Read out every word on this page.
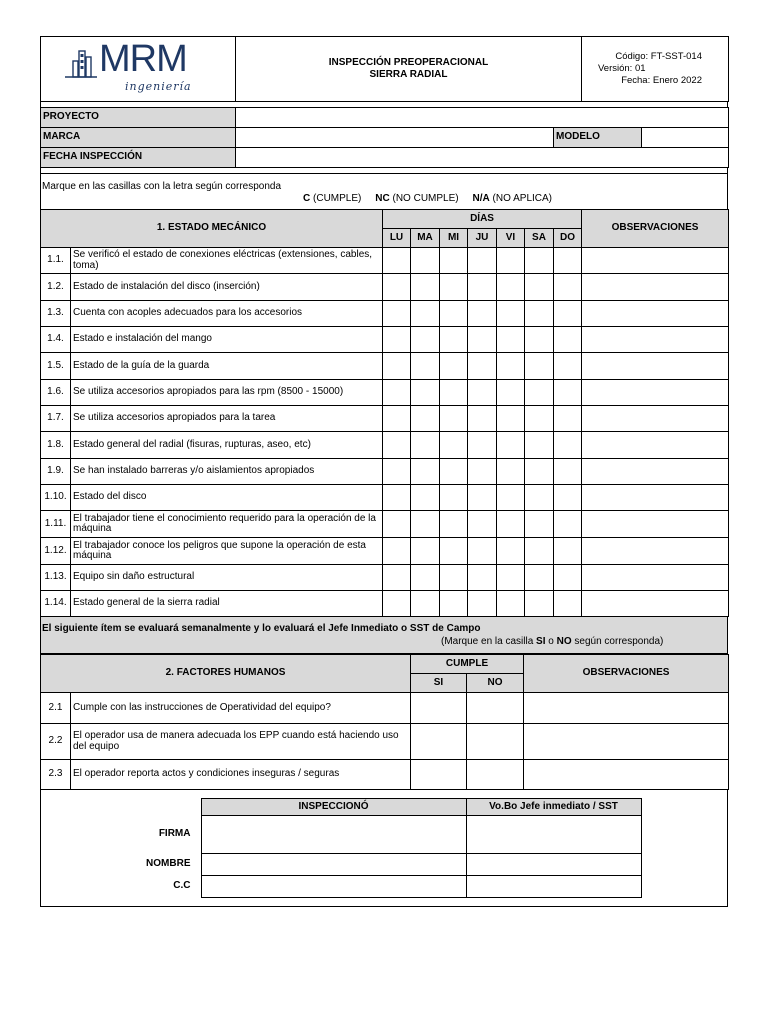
MRM
ingeniería

INSPECCIÓN PREOPERACIONAL
SIERRA RADIAL

Código: FT-SST-014
Versión: 01
Fecha: Enero 2022
PROYECTO			
MARCA		MODELO	
FECHA INSPECCIÓN			
Marque en las casillas con la letra según corresponda
C (CUMPLE) NC (NO CUMPLE) N/A (NO APLICA)
1. ESTADO MECÁNICO		DÍAS							OBSERVACIONES
		LU	MA	MI	JU	VI	SA	DO	
1.1.	Se verificó el estado de conexiones eléctricas (extensiones, cables, toma)								
1.2.	Estado de instalación del disco (inserción)								
1.3.	Cuenta con acoples adecuados para los accesorios								
1.4.	Estado e instalación del mango								
1.5.	Estado de la guía de la guarda								
1.6.	Se utiliza accesorios apropiados para las rpm (8500 - 15000)								
1.7.	Se utiliza accesorios apropiados para la tarea								
1.8.	Estado general del radial (fisuras, rupturas, aseo, etc)								
1.9.	Se han instalado barreras y/o aislamientos apropiados								
1.10.	Estado del disco								
1.11.	El trabajador tiene el conocimiento requerido para la operación de la máquina								
1.12.	El trabajador conoce los peligros que supone la operación de esta máquina								
1.13.	Equipo sin daño estructural								
1.14.	Estado general de la sierra radial								
El siguiente ítem se evaluará semanalmente y lo evaluará el Jefe Inmediato o SST de Campo
(Marque en la casilla SI o NO según corresponda)
2. FACTORES HUMANOS		CUMPLE		OBSERVACIONES
		SI	NO	
2.1	Cumple con las instrucciones de Operatividad del equipo?			
2.2	El operador usa de manera adecuada los EPP cuando está haciendo uso del equipo			
2.3	El operador reporta actos y condiciones inseguras / seguras			
	INSPECCIONÓ	Vo.Bo Jefe inmediato / SST
FIRMA		
NOMBRE		
C.C		
